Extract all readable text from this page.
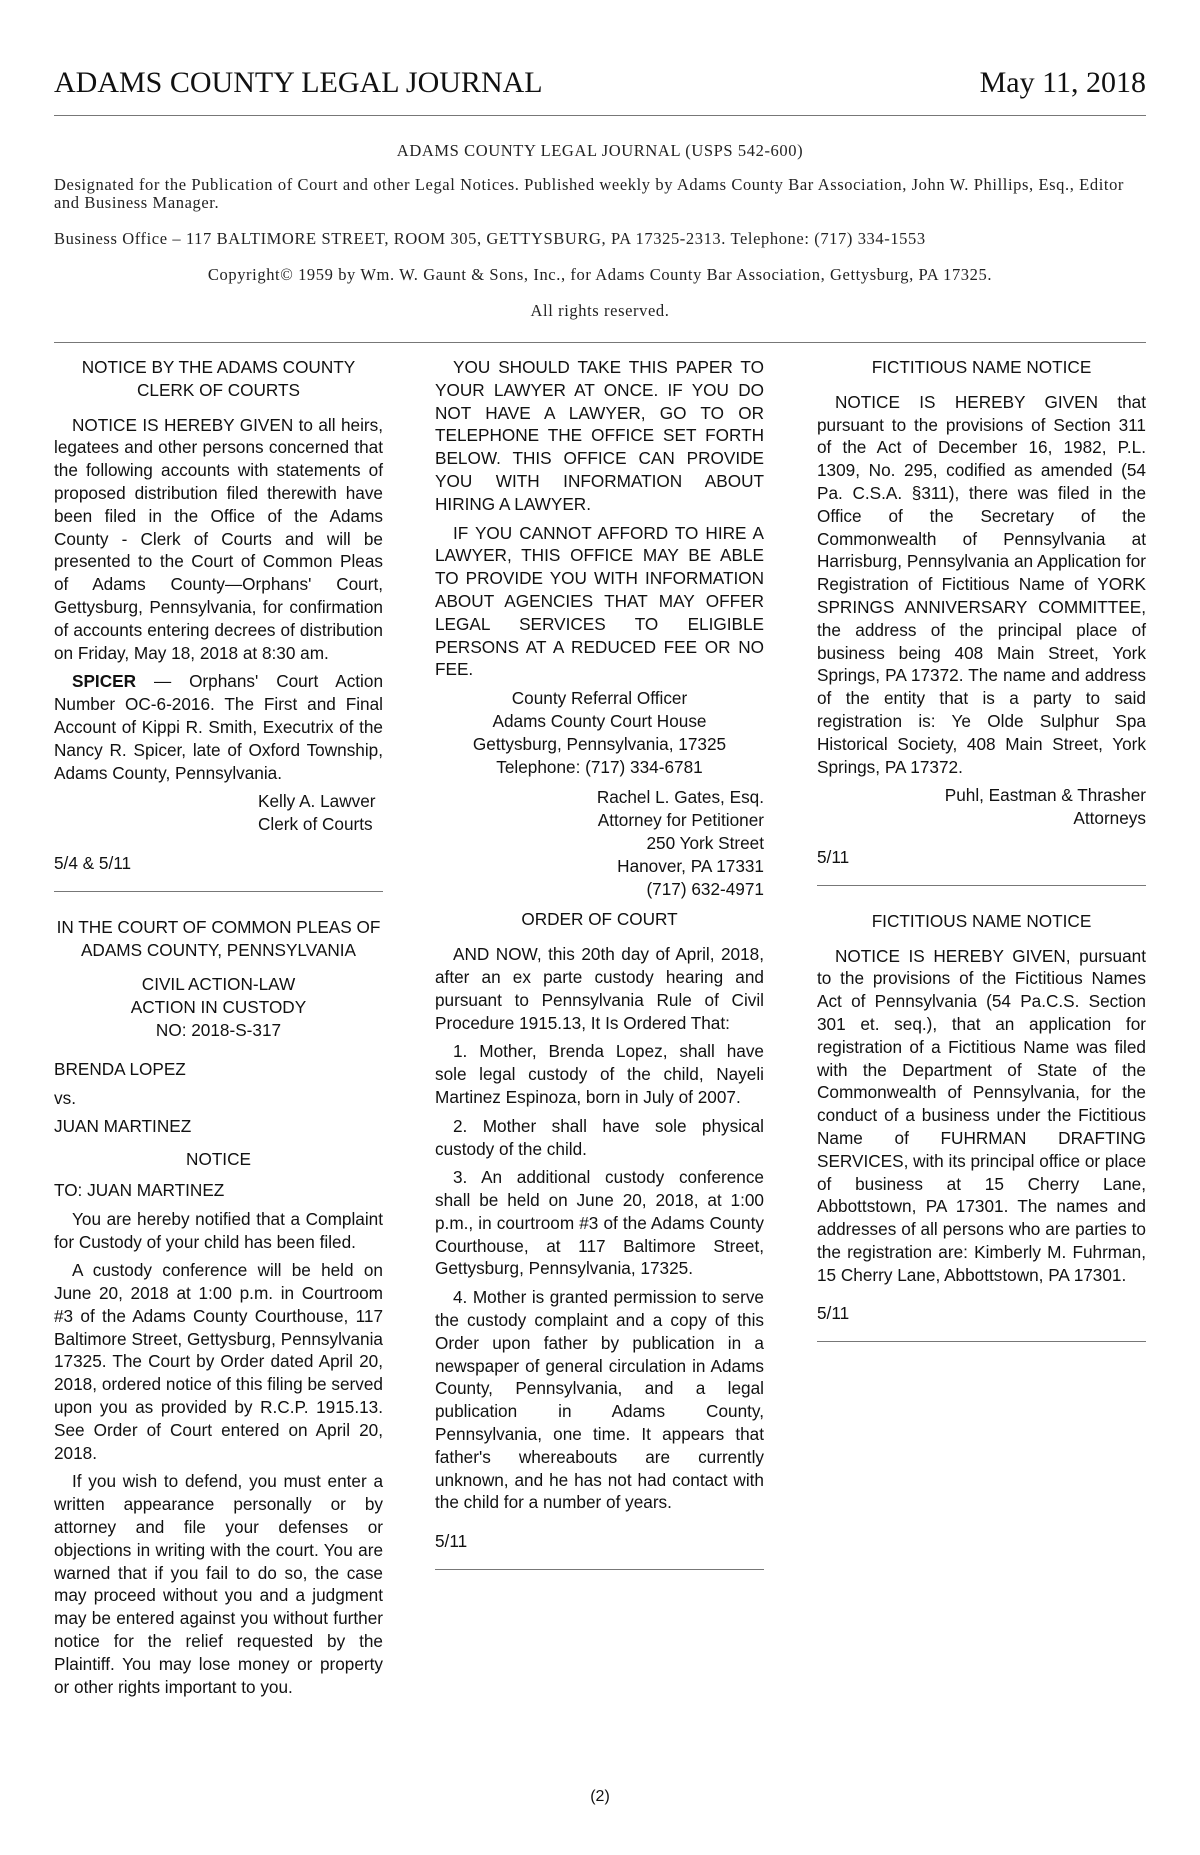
ADAMS COUNTY LEGAL JOURNAL	May 11, 2018
ADAMS COUNTY LEGAL JOURNAL (USPS 542-600)
Designated for the Publication of Court and other Legal Notices. Published weekly by Adams County Bar Association, John W. Phillips, Esq., Editor and Business Manager.
Business Office – 117 BALTIMORE STREET, ROOM 305, GETTYSBURG, PA 17325-2313. Telephone: (717) 334-1553
Copyright© 1959 by Wm. W. Gaunt & Sons, Inc., for Adams County Bar Association, Gettysburg, PA 17325.
All rights reserved.

NOTICE BY THE ADAMS COUNTY CLERK OF COURTS

NOTICE IS HEREBY GIVEN to all heirs, legatees and other persons concerned that the following accounts with statements of proposed distribution filed therewith have been filed in the Office of the Adams County - Clerk of Courts and will be presented to the Court of Common Pleas of Adams County—Orphans' Court, Gettysburg, Pennsylvania, for confirmation of accounts entering decrees of distribution on Friday, May 18, 2018 at 8:30 am.

SPICER — Orphans' Court Action Number OC-6-2016. The First and Final Account of Kippi R. Smith, Executrix of the Nancy R. Spicer, late of Oxford Township, Adams County, Pennsylvania.

Kelly A. Lawver

Clerk of Courts

5/4 & 5/11

IN THE COURT OF COMMON PLEAS OF ADAMS COUNTY, PENNSYLVANIA

CIVIL ACTION-LAW

ACTION IN CUSTODY

NO: 2018-S-317

BRENDA LOPEZ

vs.

JUAN MARTINEZ

NOTICE

TO: JUAN MARTINEZ

You are hereby notified that a Complaint for Custody of your child has been filed.

A custody conference will be held on June 20, 2018 at 1:00 p.m. in Courtroom #3 of the Adams County Courthouse, 117 Baltimore Street, Gettysburg, Pennsylvania 17325. The Court by Order dated April 20, 2018, ordered notice of this filing be served upon you as provided by R.C.P. 1915.13. See Order of Court entered on April 20, 2018.

If you wish to defend, you must enter a written appearance personally or by attorney and file your defenses or objections in writing with the court. You are warned that if you fail to do so, the case may proceed without you and a judgment may be entered against you without further notice for the relief requested by the Plaintiff. You may lose money or property or other rights important to you.

YOU SHOULD TAKE THIS PAPER TO YOUR LAWYER AT ONCE. IF YOU DO NOT HAVE A LAWYER, GO TO OR TELEPHONE THE OFFICE SET FORTH BELOW. THIS OFFICE CAN PROVIDE YOU WITH INFORMATION ABOUT HIRING A LAWYER.

IF YOU CANNOT AFFORD TO HIRE A LAWYER, THIS OFFICE MAY BE ABLE TO PROVIDE YOU WITH INFORMATION ABOUT AGENCIES THAT MAY OFFER LEGAL SERVICES TO ELIGIBLE PERSONS AT A REDUCED FEE OR NO FEE.

County Referral Officer

Adams County Court House

Gettysburg, Pennsylvania, 17325

Telephone: (717) 334-6781

Rachel L. Gates, Esq.

Attorney for Petitioner

250 York Street

Hanover, PA 17331

(717) 632-4971

ORDER OF COURT

AND NOW, this 20th day of April, 2018, after an ex parte custody hearing and pursuant to Pennsylvania Rule of Civil Procedure 1915.13, It Is Ordered That:

1. Mother, Brenda Lopez, shall have sole legal custody of the child, Nayeli Martinez Espinoza, born in July of 2007.

2. Mother shall have sole physical custody of the child.

3. An additional custody conference shall be held on June 20, 2018, at 1:00 p.m., in courtroom #3 of the Adams County Courthouse, at 117 Baltimore Street, Gettysburg, Pennsylvania, 17325.

4. Mother is granted permission to serve the custody complaint and a copy of this Order upon father by publication in a newspaper of general circulation in Adams County, Pennsylvania, and a legal publication in Adams County, Pennsylvania, one time. It appears that father's whereabouts are currently unknown, and he has not had contact with the child for a number of years.

5/11

FICTITIOUS NAME NOTICE

NOTICE IS HEREBY GIVEN that pursuant to the provisions of Section 311 of the Act of December 16, 1982, P.L. 1309, No. 295, codified as amended (54 Pa. C.S.A. §311), there was filed in the Office of the Secretary of the Commonwealth of Pennsylvania at Harrisburg, Pennsylvania an Application for Registration of Fictitious Name of YORK SPRINGS ANNIVERSARY COMMITTEE, the address of the principal place of business being 408 Main Street, York Springs, PA 17372. The name and address of the entity that is a party to said registration is: Ye Olde Sulphur Spa Historical Society, 408 Main Street, York Springs, PA 17372.

Puhl, Eastman & Thrasher

Attorneys

5/11

FICTITIOUS NAME NOTICE

NOTICE IS HEREBY GIVEN, pursuant to the provisions of the Fictitious Names Act of Pennsylvania (54 Pa.C.S. Section 301 et. seq.), that an application for registration of a Fictitious Name was filed with the Department of State of the Commonwealth of Pennsylvania, for the conduct of a business under the Fictitious Name of FUHRMAN DRAFTING SERVICES, with its principal office or place of business at 15 Cherry Lane, Abbottstown, PA 17301. The names and addresses of all persons who are parties to the registration are: Kimberly M. Fuhrman, 15 Cherry Lane, Abbottstown, PA 17301.

5/11

(2)
